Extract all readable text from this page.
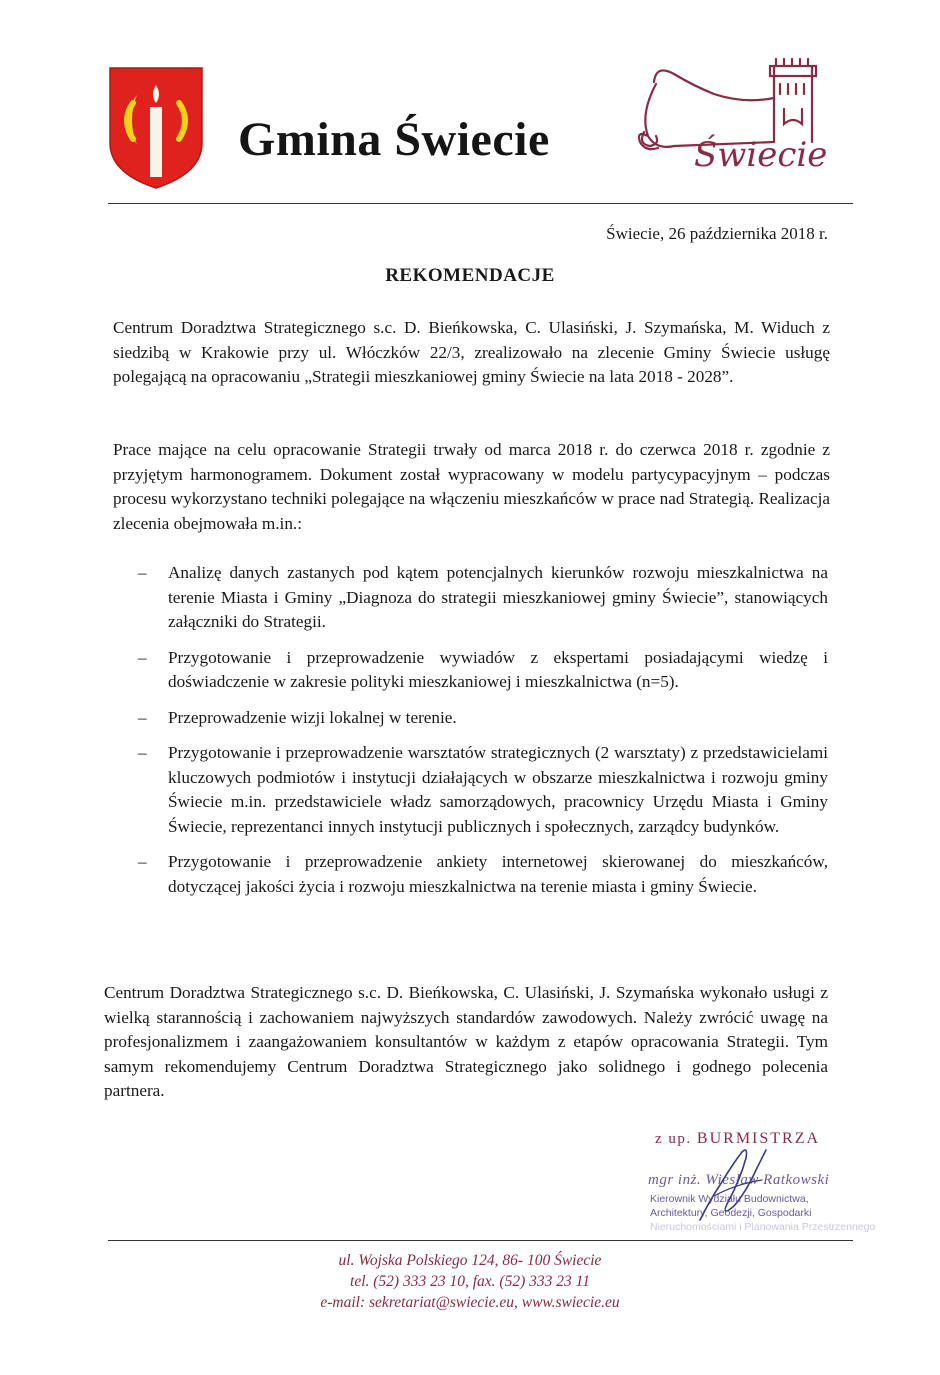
Gmina Świecie	Świecie
Świecie, 26 października 2018 r.
REKOMENDACJE

Centrum Doradztwa Strategicznego s.c. D. Bieńkowska, C. Ulasiński, J. Szymańska, M. Widuch z siedzibą w Krakowie przy ul. Włóczków 22/3, zrealizowało na zlecenie Gminy Świecie usługę polegającą na opracowaniu „Strategii mieszkaniowej gminy Świecie na lata 2018 - 2028”.

Prace mające na celu opracowanie Strategii trwały od marca 2018 r. do czerwca 2018 r. zgodnie z przyjętym harmonogramem. Dokument został wypracowany w modelu partycypacyjnym – podczas procesu wykorzystano techniki polegające na włączeniu mieszkańców w prace nad Strategią. Realizacja zlecenia obejmowała m.in.:

– Analizę danych zastanych pod kątem potencjalnych kierunków rozwoju mieszkalnictwa na terenie Miasta i Gminy „Diagnoza do strategii mieszkaniowej gminy Świecie”, stanowiących załączniki do Strategii.
– Przygotowanie i przeprowadzenie wywiadów z ekspertami posiadającymi wiedzę i doświadczenie w zakresie polityki mieszkaniowej i mieszkalnictwa (n=5).
– Przeprowadzenie wizji lokalnej w terenie.
– Przygotowanie i przeprowadzenie warsztatów strategicznych (2 warsztaty) z przedstawicielami kluczowych podmiotów i instytucji działających w obszarze mieszkalnictwa i rozwoju gminy Świecie m.in. przedstawiciele władz samorządowych, pracownicy Urzędu Miasta i Gminy Świecie, reprezentanci innych instytucji publicznych i społecznych, zarządcy budynków.
– Przygotowanie i przeprowadzenie ankiety internetowej skierowanej do mieszkańców, dotyczącej jakości życia i rozwoju mieszkalnictwa na terenie miasta i gminy Świecie.

Centrum Doradztwa Strategicznego s.c. D. Bieńkowska, C. Ulasiński, J. Szymańska wykonało usługi z wielką starannością i zachowaniem najwyższych standardów zawodowych. Należy zwrócić uwagę na profesjonalizmem i zaangażowaniem konsultantów w każdym z etapów opracowania Strategii. Tym samym rekomendujemy Centrum Doradztwa Strategicznego jako solidnego i godnego polecenia partnera.

z up. BURMISTRZA
mgr inż. Wiesław Ratkowski
Kierownik Wydziału Budownictwa,
Architektury, Geodezji, Gospodarki
Nieruchomościami i Planowania Przestrzennego
ul. Wojska Polskiego 124, 86- 100 Świecie
tel. (52) 333 23 10, fax. (52) 333 23 11
e-mail: sekretariat@swiecie.eu, www.swiecie.eu
